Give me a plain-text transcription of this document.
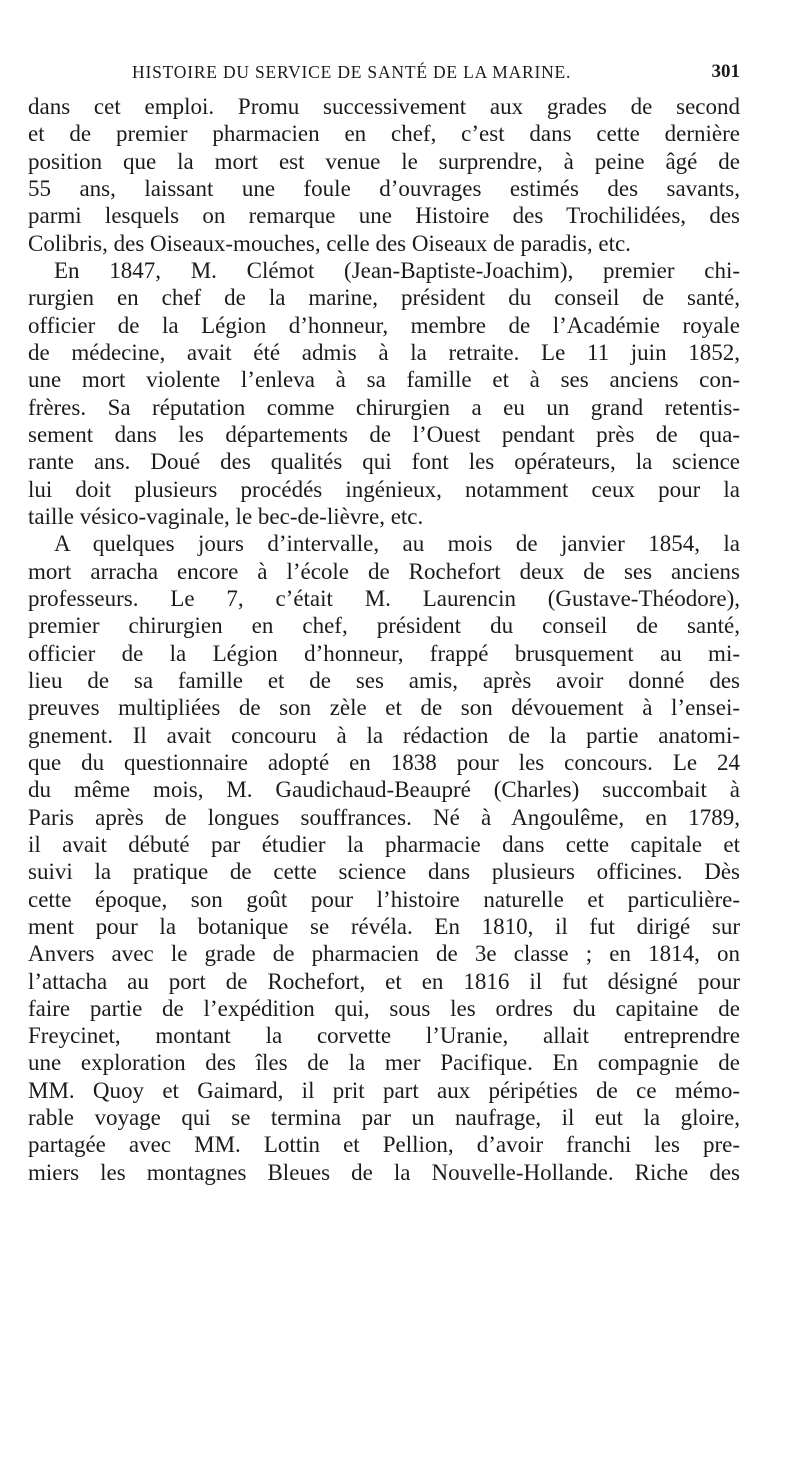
HISTOIRE DU SERVICE DE SANTÉ DE LA MARINE.	301
dans cet emploi. Promu successivement aux grades de second
et de premier pharmacien en chef, c’est dans cette dernière
position que la mort est venue le surprendre, à peine âgé de
55 ans, laissant une foule d’ouvrages estimés des savants,
parmi lesquels on remarque une Histoire des Trochilidées, des
Colibris, des Oiseaux-mouches, celle des Oiseaux de paradis, etc.
En 1847, M. Clémot (Jean-Baptiste-Joachim), premier chi-
rurgien en chef de la marine, président du conseil de santé,
officier de la Légion d’honneur, membre de l’Académie royale
de médecine, avait été admis à la retraite. Le 11 juin 1852,
une mort violente l’enleva à sa famille et à ses anciens con-
frères. Sa réputation comme chirurgien a eu un grand retentis-
sement dans les départements de l’Ouest pendant près de qua-
rante ans. Doué des qualités qui font les opérateurs, la science
lui doit plusieurs procédés ingénieux, notamment ceux pour la
taille vésico-vaginale, le bec-de-lièvre, etc.
A quelques jours d’intervalle, au mois de janvier 1854, la
mort arracha encore à l’école de Rochefort deux de ses anciens
professeurs. Le 7, c’était M. Laurencin (Gustave-Théodore),
premier chirurgien en chef, président du conseil de santé,
officier de la Légion d’honneur, frappé brusquement au mi-
lieu de sa famille et de ses amis, après avoir donné des
preuves multipliées de son zèle et de son dévouement à l’ensei-
gnement. Il avait concouru à la rédaction de la partie anatomi-
que du questionnaire adopté en 1838 pour les concours. Le 24
du même mois, M. Gaudichaud-Beaupré (Charles) succombait à
Paris après de longues souffrances. Né à Angoulême, en 1789,
il avait débuté par étudier la pharmacie dans cette capitale et
suivi la pratique de cette science dans plusieurs officines. Dès
cette époque, son goût pour l’histoire naturelle et particulière-
ment pour la botanique se révéla. En 1810, il fut dirigé sur
Anvers avec le grade de pharmacien de 3e classe ; en 1814, on
l’attacha au port de Rochefort, et en 1816 il fut désigné pour
faire partie de l’expédition qui, sous les ordres du capitaine de
Freycinet, montant la corvette l’Uranie, allait entreprendre
une exploration des îles de la mer Pacifique. En compagnie de
MM. Quoy et Gaimard, il prit part aux péripéties de ce mémo-
rable voyage qui se termina par un naufrage, il eut la gloire,
partagée avec MM. Lottin et Pellion, d’avoir franchi les pre-
miers les montagnes Bleues de la Nouvelle-Hollande. Riche des
